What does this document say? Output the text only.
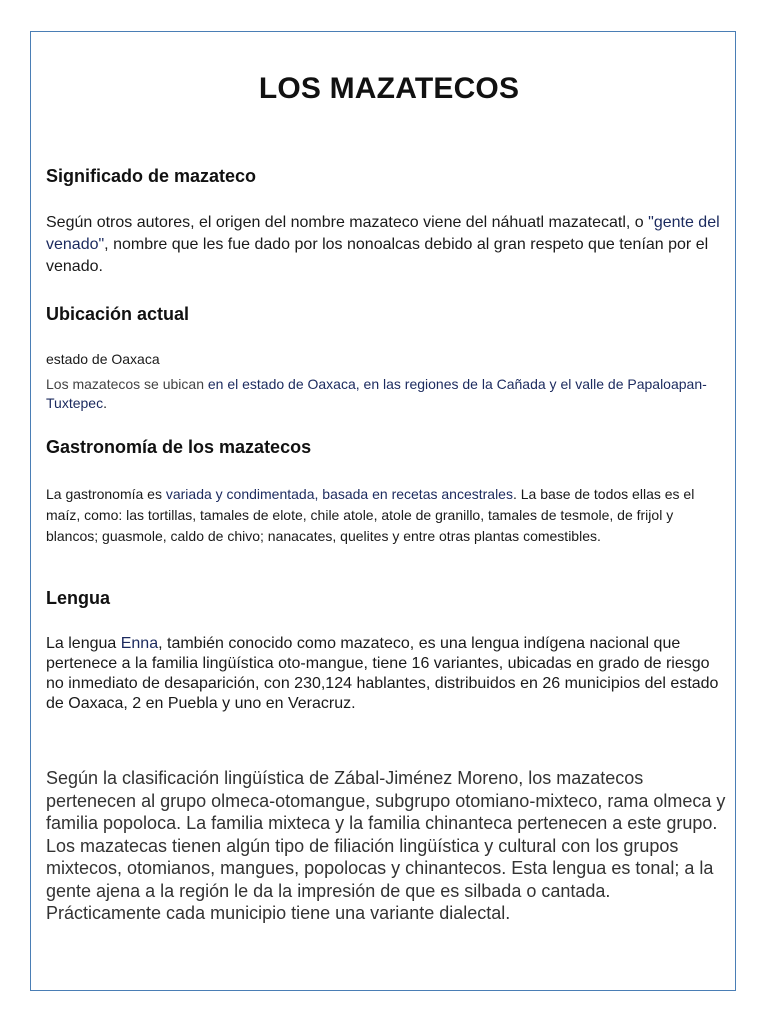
LOS MAZATECOS
Significado de mazateco

Según otros autores, el origen del nombre mazateco viene del náhuatl mazatecatl, o "gente del venado", nombre que les fue dado por los nonoalcas debido al gran respeto que tenían por el venado.

Ubicación actual

estado de Oaxaca

Los mazatecos se ubican en el estado de Oaxaca, en las regiones de la Cañada y el valle de Papaloapan-Tuxtepec.

Gastronomía de los mazatecos

La gastronomía es variada y condimentada, basada en recetas ancestrales. La base de todos ellas es el maíz, como: las tortillas, tamales de elote, chile atole, atole de granillo, tamales de tesmole, de frijol y blancos; guasmole, caldo de chivo; nanacates, quelites y entre otras plantas comestibles.

Lengua

La lengua Enna, también conocido como mazateco, es una lengua indígena nacional que pertenece a la familia lingüística oto-mangue, tiene 16 variantes, ubicadas en grado de riesgo no inmediato de desaparición, con 230,124 hablantes, distribuidos en 26 municipios del estado de Oaxaca, 2 en Puebla y uno en Veracruz.

Según la clasificación lingüística de Zábal-Jiménez Moreno, los mazatecos pertenecen al grupo olmeca-otomangue, subgrupo otomiano-mixteco, rama olmeca y familia popoloca. La familia mixteca y la familia chinanteca pertenecen a este grupo. Los mazatecas tienen algún tipo de filiación lingüística y cultural con los grupos mixtecos, otomianos, mangues, popolocas y chinantecos. Esta lengua es tonal; a la gente ajena a la región le da la impresión de que es silbada o cantada. Prácticamente cada municipio tiene una variante dialectal.
